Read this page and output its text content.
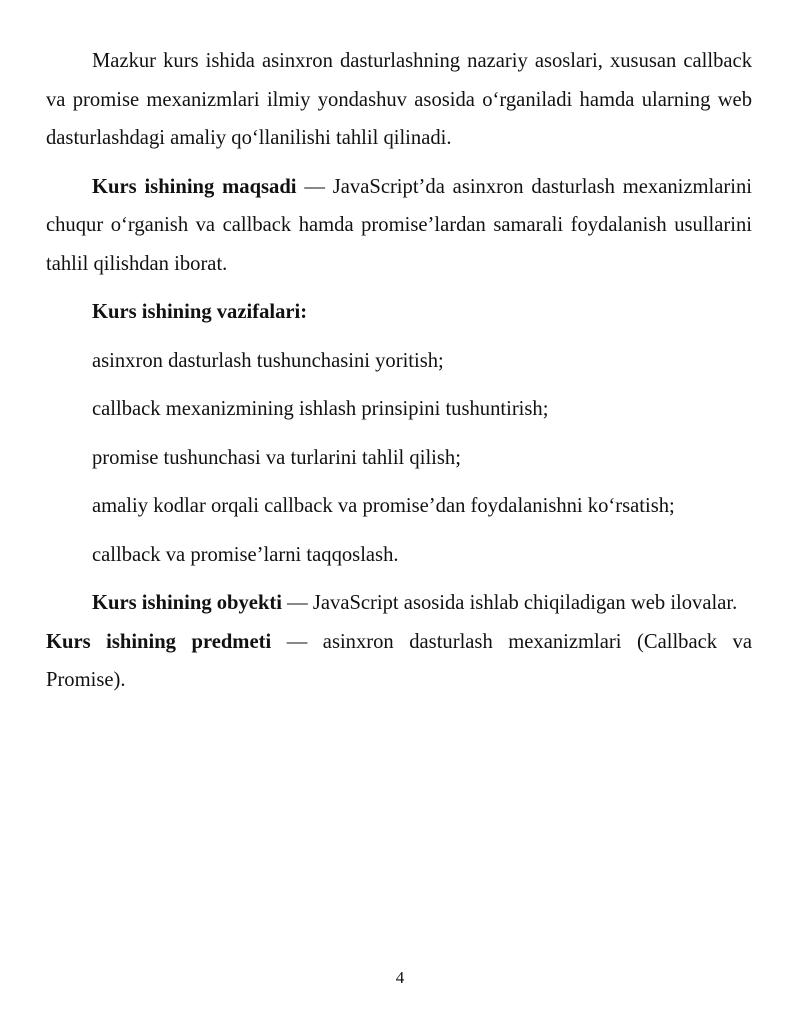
Mazkur kurs ishida asinxron dasturlashning nazariy asoslari, xususan callback va promise mexanizmlari ilmiy yondashuv asosida o‘rganiladi hamda ularning web dasturlashdagi amaliy qo‘llanilishi tahlil qilinadi.

Kurs ishining maqsadi — JavaScript’da asinxron dasturlash mexanizmlarini chuqur o‘rganish va callback hamda promise’lardan samarali foydalanish usullarini tahlil qilishdan iborat.

Kurs ishining vazifalari:

asinxron dasturlash tushunchasini yoritish;
callback mexanizmining ishlash prinsipini tushuntirish;
promise tushunchasi va turlarini tahlil qilish;
amaliy kodlar orqali callback va promise’dan foydalanishni ko‘rsatish;
callback va promise’larni taqqoslash.

Kurs ishining obyekti — JavaScript asosida ishlab chiqiladigan web ilovalar.

Kurs ishining predmeti — asinxron dasturlash mexanizmlari (Callback va Promise).

4
